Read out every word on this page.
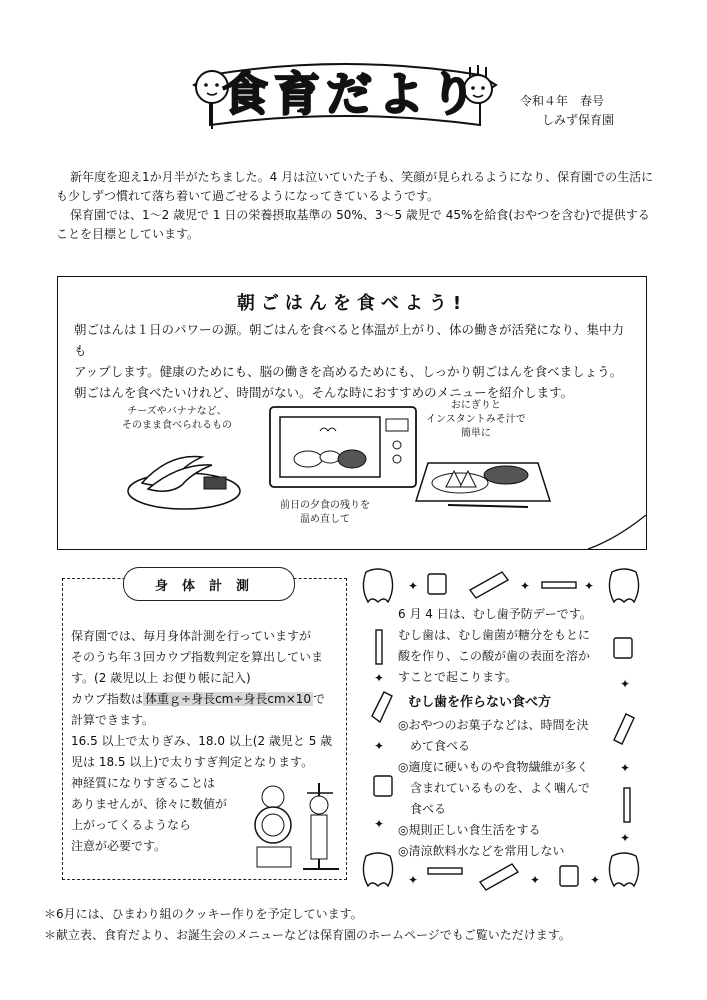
食育だより	令和４年　 春号
しみず保育園

新年度を迎え1か月半がたちました。4 月は泣いていた子も、笑顔が見られるようになり、保育園での生活にも少しずつ慣れて落ち着いて過ごせるようになってきているようです。

保育園では、1～2 歳児で 1 日の栄養摂取基準の 50%、3～5 歳児で 45%を給食(おやつを含む)で提供することを目標としています。

朝ごはんを食べよう!

朝ごはんは１日のパワーの源。朝ごはんを食べると体温が上がり、体の働きが活発になり、集中力も

アップします。健康のためにも、脳の働きを高めるためにも、しっかり朝ごはんを食べましょう。

朝ごはんを食べたいけれど、時間がない。そんな時におすすめのメニューを紹介します。

チーズやバナナなど、
そのまま食べられるもの
前日の夕食の残りを
温め直して
おにぎりと
インスタントみそ汁で
簡単に
身体計測
保育園では、毎月身体計測を行っていますが
そのうち年３回カウプ指数判定を算出していま
す。(2 歳児以上 お便り帳に記入)
カウプ指数は 体重ｇ÷身長cm÷身長cm×10 で
計算できます。
16.5 以上で太りぎみ、18.0 以上(2 歳児と 5 歳
児は 18.5 以上)で太りすぎ判定となります。
神経質になりすぎることは
ありませんが、徐々に数値が
上がってくるようなら
注意が必要です。
✦	✦	✦
✦	✦	✦
✦
✦
✦
✦
✦
✦
6 月 4 日は、むし歯予防デーです。
むし歯は、むし歯菌が糖分をもとに
酸を作り、この酸が歯の表面を溶か
すことで起こります。
むし歯を作らない食べ方
◎おやつのお菓子などは、時間を決
　めて食べる
◎適度に硬いものや食物繊維が多く
　含まれているものを、よく噛んで
　食べる
◎規則正しい食生活をする
◎清涼飲料水などを常用しない
＊6月には、ひまわり組のクッキー作りを予定しています。
＊献立表、食育だより、お誕生会のメニューなどは保育園のホームページでもご覧いただけます。
